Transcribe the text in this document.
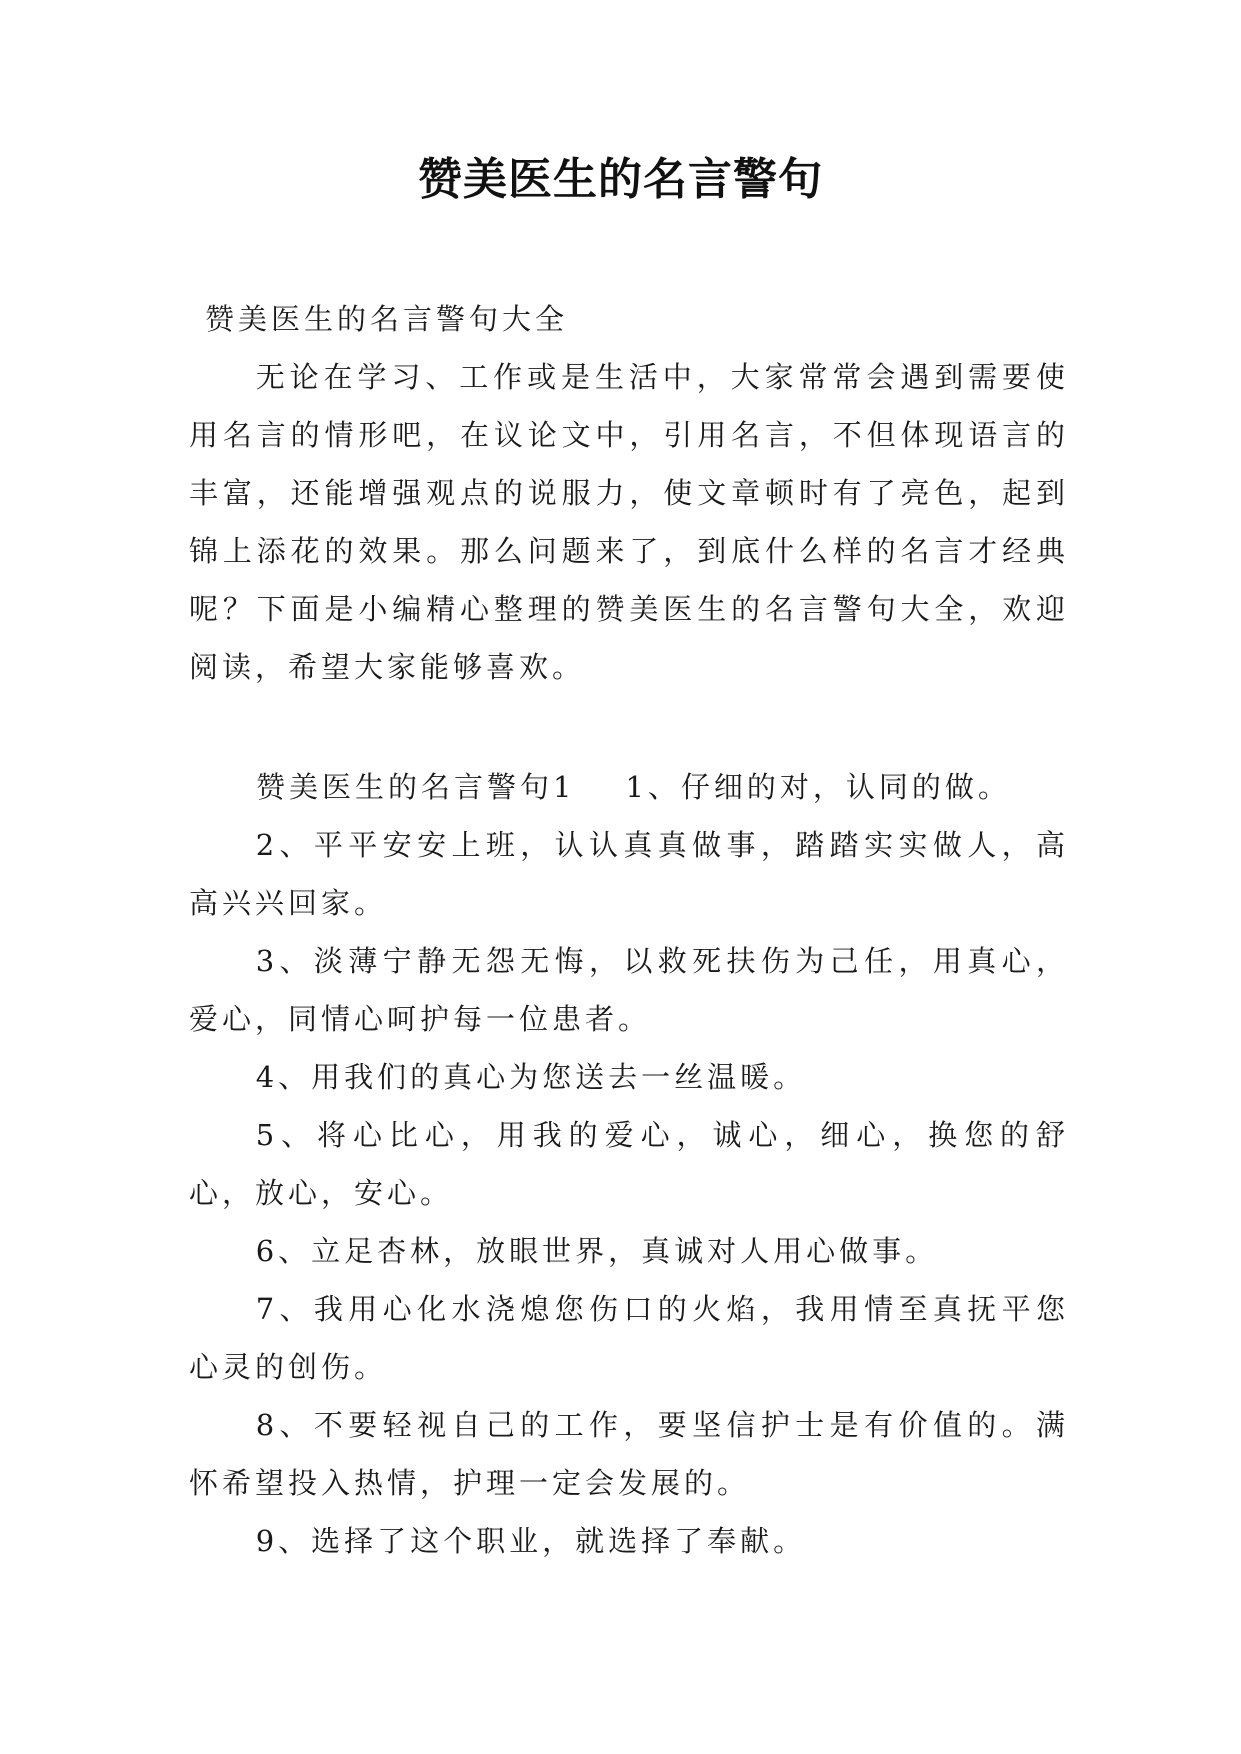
赞美医生的名言警句

赞美医生的名言警句大全

无论在学习、工作或是生活中，大家常常会遇到需要使用名言的情形吧，在议论文中，引用名言，不但体现语言的丰富，还能增强观点的说服力，使文章顿时有了亮色，起到锦上添花的效果。那么问题来了，到底什么样的名言才经典呢？下面是小编精心整理的赞美医生的名言警句大全，欢迎阅读，希望大家能够喜欢。

赞美医生的名言警句1 1、仔细的对，认同的做。

2、平平安安上班，认认真真做事，踏踏实实做人，高高兴兴回家。

3、淡薄宁静无怨无悔，以救死扶伤为己任，用真心，爱心，同情心呵护每一位患者。

4、用我们的真心为您送去一丝温暖。

5、将心比心，用我的爱心，诚心，细心，换您的舒心，放心，安心。

6、立足杏林，放眼世界，真诚对人用心做事。

7、我用心化水浇熄您伤口的火焰，我用情至真抚平您心灵的创伤。

8、不要轻视自己的工作，要坚信护士是有价值的。满怀希望投入热情，护理一定会发展的。

9、选择了这个职业，就选择了奉献。
